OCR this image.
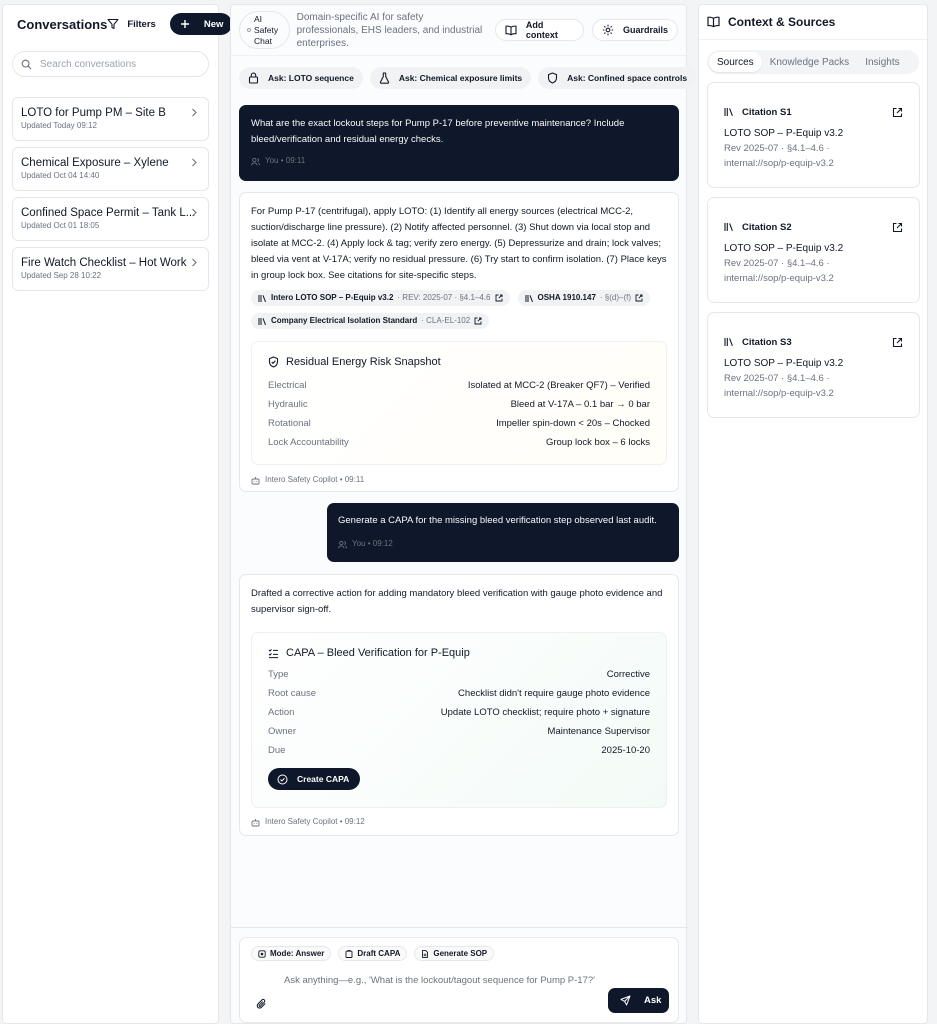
Conversations Filters	New
Search conversations
LOTO for Pump PM – Site B
Updated Today 09:12
Chemical Exposure – Xylene
Updated Oct 04 14:40
Confined Space Permit – Tank L...
Updated Oct 01 18:05
Fire Watch Checklist – Hot Work
Updated Sep 28 10:22
AI
Safety
Chat
Domain-specific AI for safety professionals, EHS leaders, and industrial enterprises.
Add context	Guardrails
Ask: LOTO sequence	Ask: Chemical exposure limits	Ask: Confined space controls
What are the exact lockout steps for Pump P-17 before preventive maintenance? Include bleed/verification and residual energy checks.
You • 09:11
For Pump P-17 (centrifugal), apply LOTO: (1) Identify all energy sources (electrical MCC-2, suction/discharge line pressure). (2) Notify affected personnel. (3) Shut down via local stop and isolate at MCC-2. (4) Apply lock & tag; verify zero energy. (5) Depressurize and drain; lock valves; bleed via vent at V-17A; verify no residual pressure. (6) Try start to confirm isolation. (7) Place keys in group lock box. See citations for site-specific steps.
Intero LOTO SOP – P-Equip v3.2 · REV: 2025-07 · §4.1–4.6	OSHA 1910.147 · §(d)–(f)
Company Electrical Isolation Standard · CLA-EL-102
Residual Energy Risk Snapshot
Electrical	Isolated at MCC-2 (Breaker QF7) – Verified
Hydraulic	Bleed at V-17A – 0.1 bar → 0 bar
Rotational	Impeller spin-down < 20s – Chocked
Lock Accountability	Group lock box – 6 locks
Intero Safety Copilot • 09:11
Generate a CAPA for the missing bleed verification step observed last audit.
You • 09:12
Drafted a corrective action for adding mandatory bleed verification with gauge photo evidence and supervisor sign-off.
CAPA – Bleed Verification for P-Equip
Type	Corrective
Root cause	Checklist didn't require gauge photo evidence
Action	Update LOTO checklist; require photo + signature
Owner	Maintenance Supervisor
Due	2025-10-20
Create CAPA
Intero Safety Copilot • 09:12
Mode: Answer	Draft CAPA	Generate SOP
Ask anything—e.g., 'What is the lockout/tagout sequence for Pump P-17?'
Ask
Context & Sources
Sources	Knowledge Packs	Insights
Citation S1
LOTO SOP – P-Equip v3.2
Rev 2025-07 · §4.1–4.6 ·
internal://sop/p-equip-v3.2
Citation S2
LOTO SOP – P-Equip v3.2
Rev 2025-07 · §4.1–4.6 ·
internal://sop/p-equip-v3.2
Citation S3
LOTO SOP – P-Equip v3.2
Rev 2025-07 · §4.1–4.6 ·
internal://sop/p-equip-v3.2
